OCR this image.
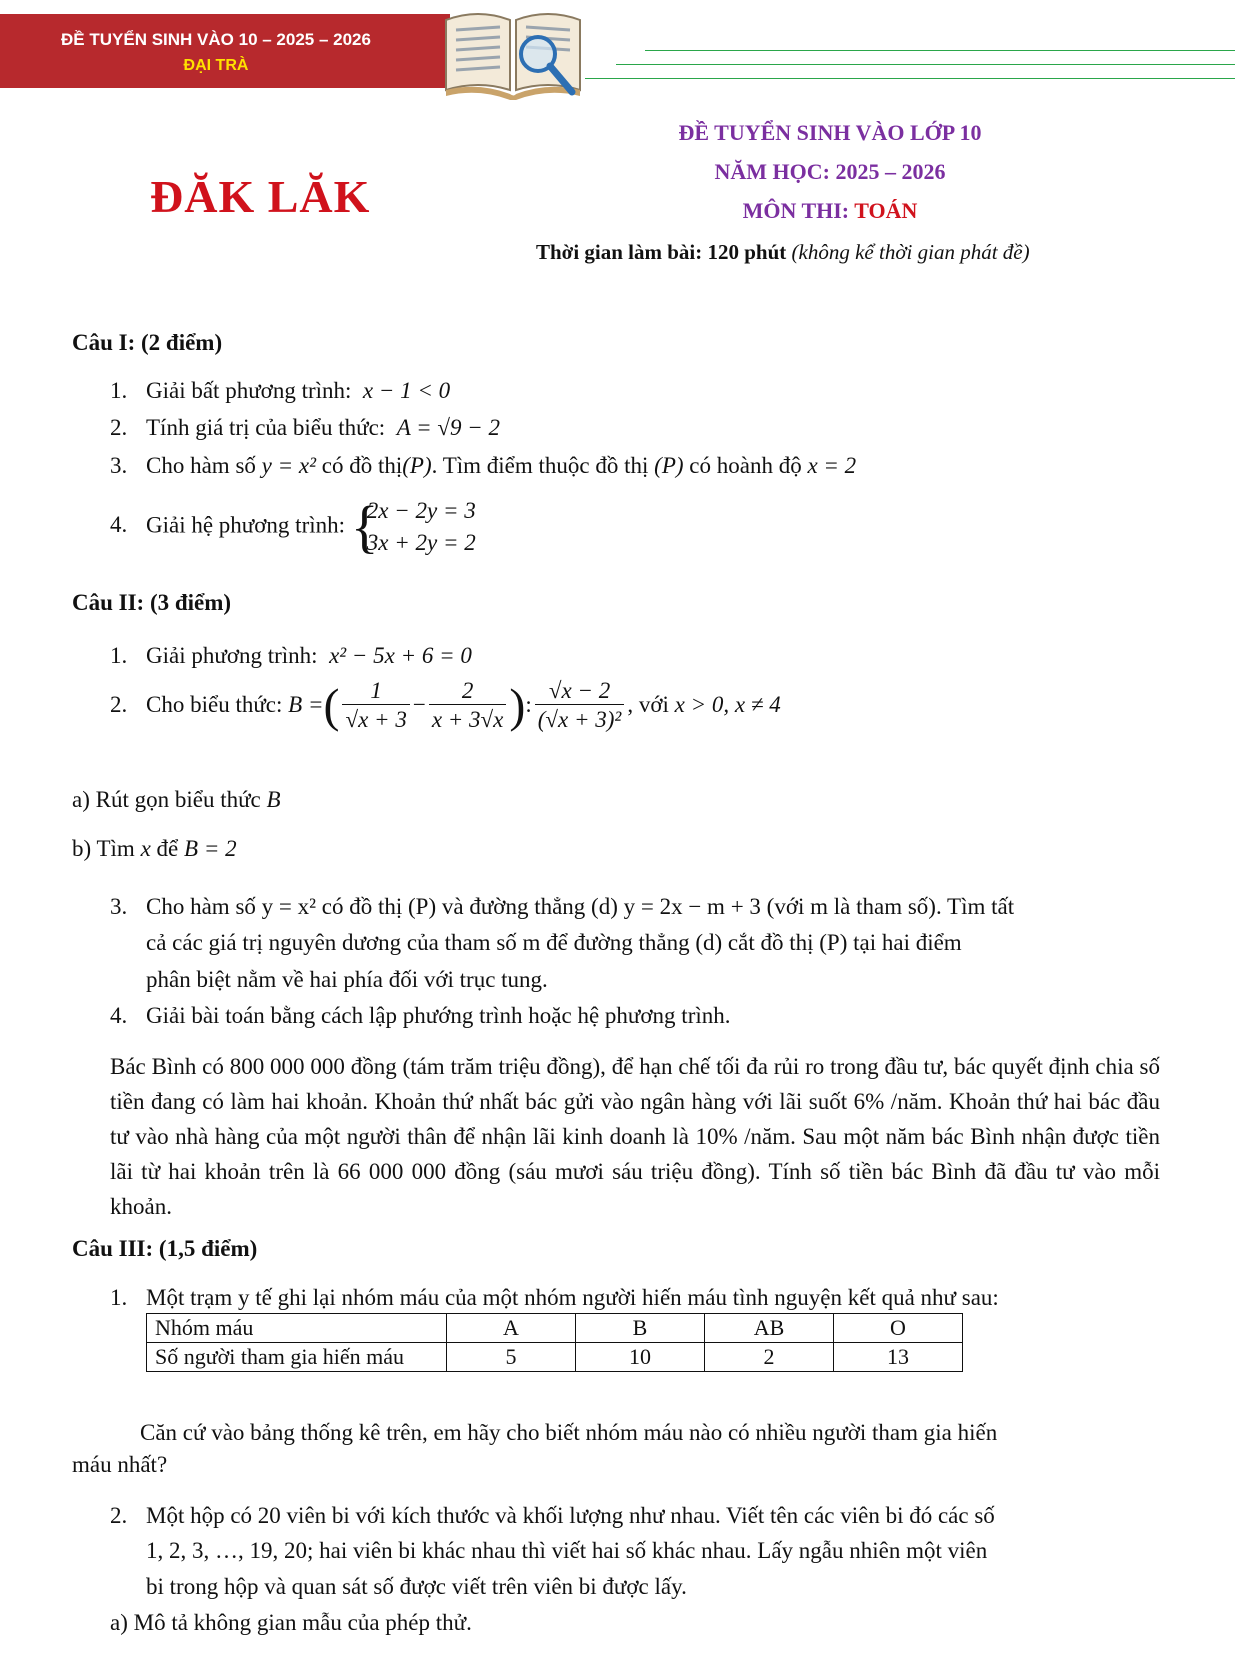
ĐỀ TUYỂN SINH VÀO 10 – 2025 – 2026
ĐẠI TRÀ
ĐĂK LĂK
ĐỀ TUYỂN SINH VÀO LỚP 10
NĂM HỌC: 2025 – 2026
MÔN THI: TOÁN
Thời gian làm bài: 120 phút (không kể thời gian phát đề)
Câu I: (2 điểm)
1. Giải bất phương trình: x − 1 < 0
2. Tính giá trị của biểu thức: A = √9 − 2
3. Cho hàm số y = x² có đồ thị(P). Tìm điểm thuộc đồ thị (P) có hoành độ x = 2
4. Giải hệ phương trình: {
2x − 2y = 3
3x + 2y = 2
Câu II: (3 điểm)
1. Giải phương trình: x² − 5x + 6 = 0
2. Cho biểu thức: B =( $\frac{1}{√x + 3} - \frac{2}{x + 3√x}$ ): $\frac{√x - 2}{\text{(√x + 3)²}}$ , với x > 0, x ≠ 4
a) Rút gọn biểu thức B
b) Tìm x để B = 2
3. Cho hàm số y = x² có đồ thị (P) và đường thẳng (d) y = 2x − m + 3 (với m là tham số). Tìm tất
cả các giá trị nguyên dương của tham số m để đường thẳng (d) cắt đồ thị (P) tại hai điểm
phân biệt nằm về hai phía đối với trục tung.
4. Giải bài toán bằng cách lập phướng trình hoặc hệ phương trình.
Bác Bình có 800 000 000 đồng (tám trăm triệu đồng), để hạn chế tối đa rủi ro trong đầu tư, bác quyết định chia số tiền đang có làm hai khoản. Khoản thứ nhất bác gửi vào ngân hàng với lãi suốt 6% /năm. Khoản thứ hai bác đầu tư vào nhà hàng của một người thân để nhận lãi kinh doanh là 10% /năm. Sau một năm bác Bình nhận được tiền lãi từ hai khoản trên là 66 000 000 đồng (sáu mươi sáu triệu đồng). Tính số tiền bác Bình đã đầu tư vào mỗi khoản.
Câu III: (1,5 điểm)
1. Một trạm y tế ghi lại nhóm máu của một nhóm người hiến máu tình nguyện kết quả như sau:
Nhóm máu	A	B	AB	O
Số người tham gia hiến máu	5	10	2	13
Căn cứ vào bảng thống kê trên, em hãy cho biết nhóm máu nào có nhiều người tham gia hiến
máu nhất?
2. Một hộp có 20 viên bi với kích thước và khối lượng như nhau. Viết tên các viên bi đó các số
1, 2, 3, …, 19, 20; hai viên bi khác nhau thì viết hai số khác nhau. Lấy ngẫu nhiên một viên
bi trong hộp và quan sát số được viết trên viên bi được lấy.
a) Mô tả không gian mẫu của phép thử.
